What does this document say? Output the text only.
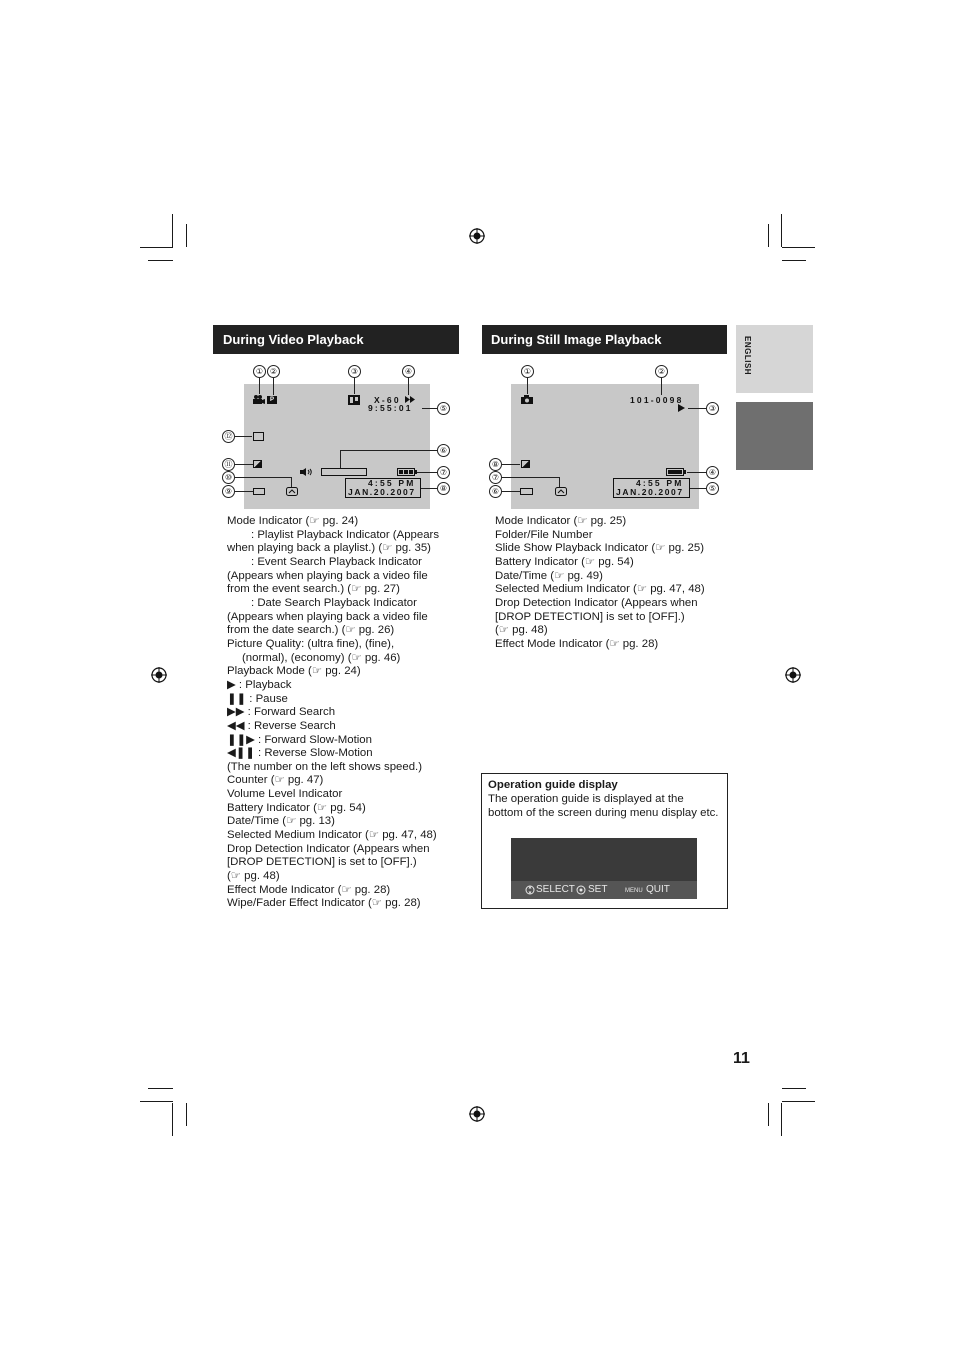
During Video Playback	During Still Image Playback	ENGLISH
① ②	③	④
⑤
⑥
⑦
⑧
⑫
⑪
⑩
⑨
P	X-60
9:55:01
4:55 PM
JAN.20.2007
Mode Indicator (☞ pg. 24)
: Playlist Playback Indicator (Appears
when playing back a playlist.) (☞ pg. 35)
: Event Search Playback Indicator
(Appears when playing back a video file
from the event search.) (☞ pg. 27)
: Date Search Playback Indicator
(Appears when playing back a video file
from the date search.) (☞ pg. 26)
Picture Quality: (ultra fine), (fine),
(normal), (economy) (☞ pg. 46)
Playback Mode (☞ pg. 24)
▶ : Playback
❚❚ : Pause
▶▶ : Forward Search
◀◀ : Reverse Search
❚❚▶ : Forward Slow-Motion
◀❚❚ : Reverse Slow-Motion
(The number on the left shows speed.)
Counter (☞ pg. 47)
Volume Level Indicator
Battery Indicator (☞ pg. 54)
Date/Time (☞ pg. 13)
Selected Medium Indicator (☞ pg. 47, 48)
Drop Detection Indicator (Appears when
[DROP DETECTION] is set to [OFF].)
(☞ pg. 48)
Effect Mode Indicator (☞ pg. 28)
Wipe/Fader Effect Indicator (☞ pg. 28)
①	②
③
④
⑤
⑧
⑦
⑥
101-0098
4:55 PM
JAN.20.2007
Mode Indicator (☞ pg. 25)
Folder/File Number
Slide Show Playback Indicator (☞ pg. 25)
Battery Indicator (☞ pg. 54)
Date/Time (☞ pg. 49)
Selected Medium Indicator (☞ pg. 47, 48)
Drop Detection Indicator (Appears when
[DROP DETECTION] is set to [OFF].)
(☞ pg. 48)
Effect Mode Indicator (☞ pg. 28)
Operation guide display
The operation guide is displayed at the bottom of the screen during menu display etc.
SELECT SET	MENU QUIT
11
